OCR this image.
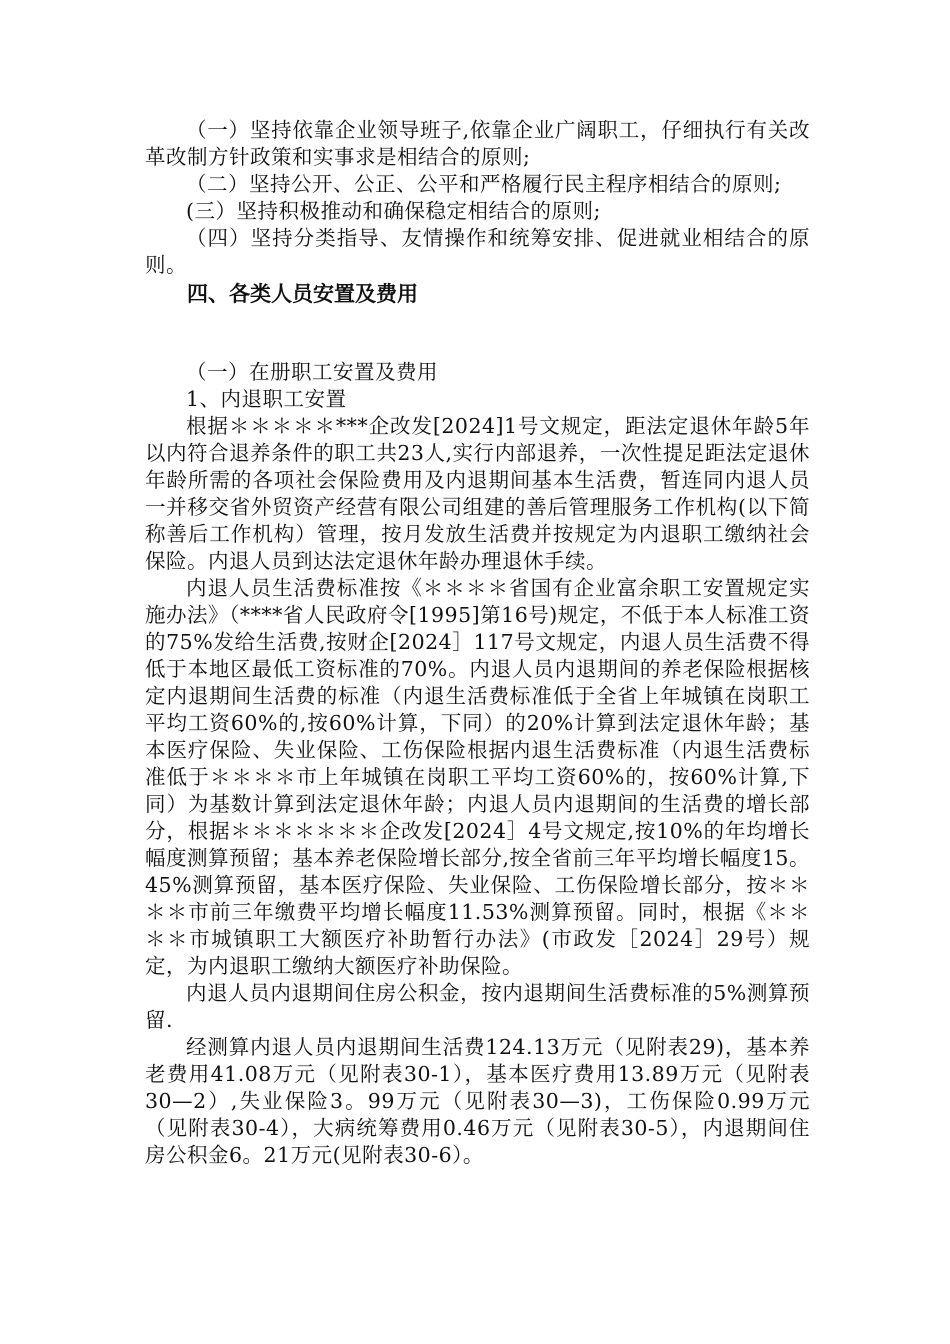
（一）坚持依靠企业领导班子,依靠企业广阔职工，仔细执行有关改革改制方针政策和实事求是相结合的原则;

（二）坚持公开、公正、公平和严格履行民主程序相结合的原则;

(三）坚持积极推动和确保稳定相结合的原则;

（四）坚持分类指导、友情操作和统筹安排、促进就业相结合的原则。

四、各类人员安置及费用

（一）在册职工安置及费用

1、内退职工安置

根据＊＊＊＊＊***企改发[2024]1号文规定，距法定退休年龄5年以内符合退养条件的职工共23人,实行内部退养，一次性提足距法定退休年龄所需的各项社会保险费用及内退期间基本生活费，暂连同内退人员一并移交省外贸资产经营有限公司组建的善后管理服务工作机构(以下简称善后工作机构）管理，按月发放生活费并按规定为内退职工缴纳社会保险。内退人员到达法定退休年龄办理退休手续。

内退人员生活费标准按《＊＊＊＊省国有企业富余职工安置规定实施办法》（****省人民政府令[1995]第16号)规定，不低于本人标准工资的75%发给生活费,按财企[2024］117号文规定，内退人员生活费不得低于本地区最低工资标准的70%。内退人员内退期间的养老保险根据核定内退期间生活费的标准（内退生活费标准低于全省上年城镇在岗职工平均工资60%的,按60%计算，下同）的20%计算到法定退休年龄；基本医疗保险、失业保险、工伤保险根据内退生活费标准（内退生活费标准低于＊＊＊＊市上年城镇在岗职工平均工资60%的，按60%计算,下同）为基数计算到法定退休年龄；内退人员内退期间的生活费的增长部分，根据＊＊＊＊＊＊＊企改发[2024］4号文规定,按10%的年均增长幅度测算预留；基本养老保险增长部分,按全省前三年平均增长幅度15。45%测算预留，基本医疗保险、失业保险、工伤保险增长部分，按＊＊＊＊市前三年缴费平均增长幅度11.53%测算预留。同时，根据《＊＊＊＊市城镇职工大额医疗补助暂行办法》(市政发［2024］29号）规定，为内退职工缴纳大额医疗补助保险。

内退人员内退期间住房公积金，按内退期间生活费标准的5%测算预留.

经测算内退人员内退期间生活费124.13万元（见附表29)，基本养老费用41.08万元（见附表30-1），基本医疗费用13.89万元（见附表30—2）,失业保险3。99万元（见附表30—3)，工伤保险0.99万元（见附表30-4），大病统筹费用0.46万元（见附表30-5），内退期间住房公积金6。21万元(见附表30-6）。
